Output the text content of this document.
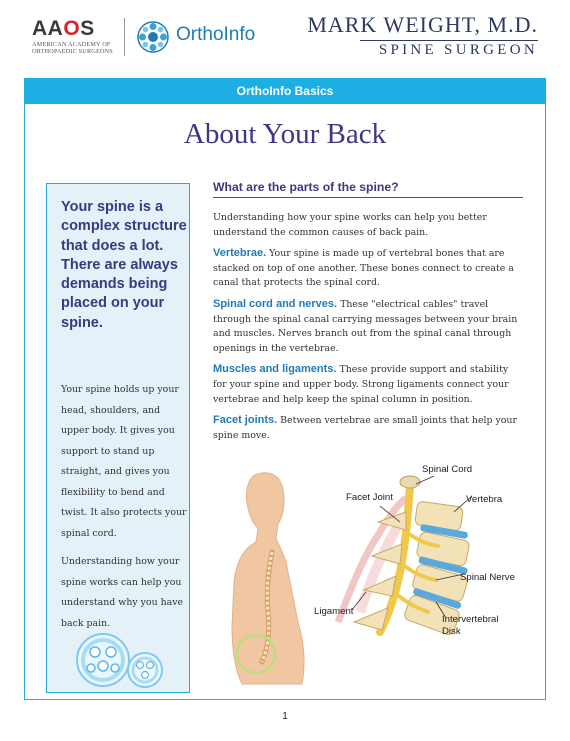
AAOS
AMERICAN ACADEMY OF ORTHOPAEDIC SURGEONS
OrthoInfo MARK WEIGHT, M.D.
SPINE SURGEON
OrthoInfo Basics
About Your Back
Your spine is a complex structure that does a lot. There are always demands being placed on your spine.
Your spine holds up your head, shoulders, and upper body. It gives you support to stand up straight, and gives you flexibility to bend and twist. It also protects your spinal cord.
Understanding how your spine works can help you understand why you have back pain.
What are the parts of the spine?

Understanding how your spine works can help you better understand the common causes of back pain.

Vertebrae. Your spine is made up of vertebral bones that are stacked on top of one another. These bones connect to create a canal that protects the spinal cord.

Spinal cord and nerves. These "electrical cables" travel through the spinal canal carrying messages between your brain and muscles. Nerves branch out from the spinal canal through openings in the vertebrae.

Muscles and ligaments. These provide support and stability for your spine and upper body. Strong ligaments connect your vertebrae and help keep the spinal column in position.

Facet joints. Between vertebrae are small joints that help your spine move.

Spinal Cord
Facet Joint	Vertebra
Spinal Nerve
Ligament
Intervertebral
Disk
1
